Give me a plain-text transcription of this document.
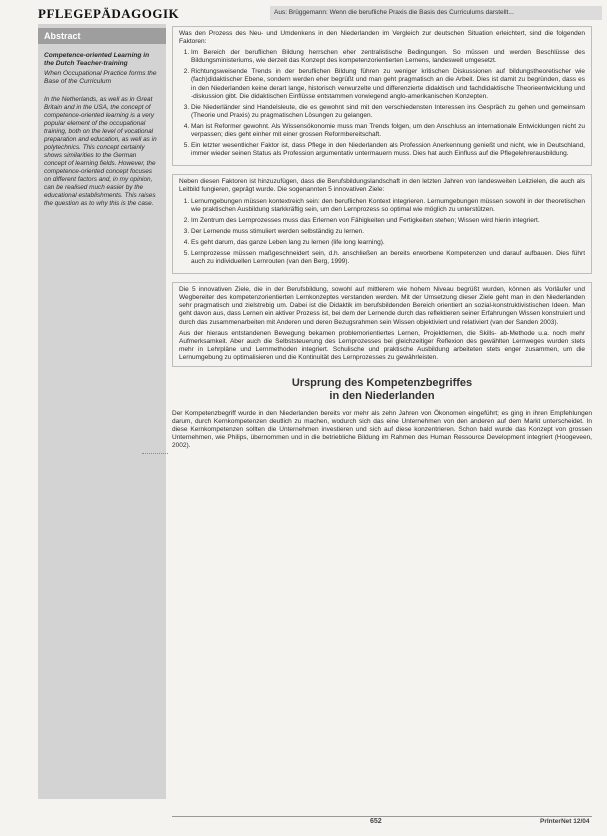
PFLEGEPÄDAGOGIK	Aus: Brüggemann: Wenn die berufliche Praxis die Basis des Curriculums darstellt...
Abstract

Competence-oriented Learning in the Dutch Teacher-training

When Occupational Practice forms the Base of the Curriculum

In the Netherlands, as well as in Great Britain and in the USA, the concept of competence-oriented learning is a very popular element of the occupational training, both on the level of vocational preparation and education, as well as in polytechnics. This concept certainly shows similarities to the German concept of learning fields. However, the competence-oriented concept focuses on different factors and, in my opinion, can be realised much easier by the educational establishments. This raises the question as to why this is the case.

Was den Prozess des Neu- und Umdenkens in den Niederlanden im Vergleich zur deutschen Situation erleichtert, sind die folgenden Faktoren:

1. Im Bereich der beruflichen Bildung herrschen eher zentralistische Bedingungen. So müssen und werden Beschlüsse des Bildungsministeriums, wie derzeit das Konzept des kompetenzorientierten Lernens, landesweit umgesetzt.
2. Richtungsweisende Trends in der beruflichen Bildung führen zu weniger kritischen Diskussionen auf bildungstheoretischer wie (fach)didaktischer Ebene, sondern werden eher begrüßt und man geht pragmatisch an die Arbeit. Dies ist damit zu begründen, dass es in den Niederlanden keine derart lange, historisch verwurzelte und differenzierte didaktisch und fachdidaktische Theorieentwicklung und -diskussion gibt. Die didaktischen Einflüsse entstammen vorwiegend anglo-amerikanischen Konzepten.
3. Die Niederländer sind Handelsleute, die es gewohnt sind mit den verschiedensten Interessen ins Gespräch zu gehen und gemeinsam (Theorie und Praxis) zu pragmatischen Lösungen zu gelangen.
4. Man ist Reformer gewohnt. Als Wissensökonomie muss man Trends folgen, um den Anschluss an internationale Entwicklungen nicht zu verpassen; dies geht einher mit einer grossen Reformbereitschaft.
5. Ein letzter wesentlicher Faktor ist, dass Pflege in den Niederlanden als Profession Anerkennung genießt und nicht, wie in Deutschland, immer wieder seinen Status als Profession argumentativ untermauern muss. Dies hat auch Einfluss auf die Pflegelehrerausbildung.

Neben diesen Faktoren ist hinzuzufügen, dass die Berufsbildungslandschaft in den letzten Jahren von landesweiten Leitzielen, die auch als Leitbild fungieren, geprägt wurde. Die sogenannten 5 innovativen Ziele:

1. Lernumgebungen müssen kontextreich sein: den beruflichen Kontext integrieren. Lernumgebungen müssen sowohl in der theoretischen wie praktischen Ausbildung starkkräftig sein, um den Lernprozess so optimal wie möglich zu unterstützen.
2. Im Zentrum des Lernprozesses muss das Erlernen von Fähigkeiten und Fertigkeiten stehen; Wissen wird hierin integriert.
3. Der Lernende muss stimuliert werden selbständig zu lernen.
4. Es geht darum, das ganze Leben lang zu lernen (life long learning).
5. Lernprozesse müssen maßgeschneidert sein, d.h. anschließen an bereits erworbene Kompetenzen und darauf aufbauen. Dies führt auch zu individuellen Lernrouten (van den Berg, 1999).

Die 5 innovativen Ziele, die in der Berufsbildung, sowohl auf mittlerem wie hohem Niveau begrüßt wurden, können als Vorläufer und Wegbereiter des kompetenzorientierten Lernkonzeptes verstanden werden. Mit der Umsetzung dieser Ziele geht man in den Niederlanden sehr pragmatisch und zielstrebig um. Dabei ist die Didaktik im berufsbildenden Bereich orientiert an sozial-konstruktivistischen Ideen. Man geht davon aus, dass Lernen ein aktiver Prozess ist, bei dem der Lernende durch das reflektieren seiner Erfahrungen Wissen konstruiert und durch das zusammenarbeiten mit Anderen und deren Bezugsrahmen sein Wissen objektiviert und relativiert (van der Sanden 2003).

Aus der hieraus entstandenen Bewegung bekamen problemorientiertes Lernen, Projektlernen, die Skills- ab-Methode u.a. noch mehr Aufmerksamkeit. Aber auch die Selbststeuerung des Lernprozesses bei gleichzeitiger Reflexion des gewählten Lernweges wurden stets mehr in Lehrpläne und Lernmethoden integriert. Schulische und praktische Ausbildung arbeiteten stets enger zusammen, um die Lernumgebung zu optimalisieren und die Kontinuität des Lernprozesses zu gewährleisten.

Ursprung des Kompetenzbegriffes
in den Niederlanden

Der Kompetenzbegriff wurde in den Niederlanden bereits vor mehr als zehn Jahren von Ökonomen eingeführt; es ging in ihren Empfehlungen darum, durch Kernkompetenzen deutlich zu machen, wodurch sich das eine Unternehmen von den anderen auf dem Markt unterscheidet. In diese Kernkompetenzen sollten die Unternehmen investieren und sich auf diese konzentrieren. Schon bald wurde das Konzept von grossen Unternehmen, wie Philips, übernommen und in die betriebliche Bildung im Rahmen des Human Ressource Development integriert (Hoogeveen, 2002).

652	PrInterNet 12/04
